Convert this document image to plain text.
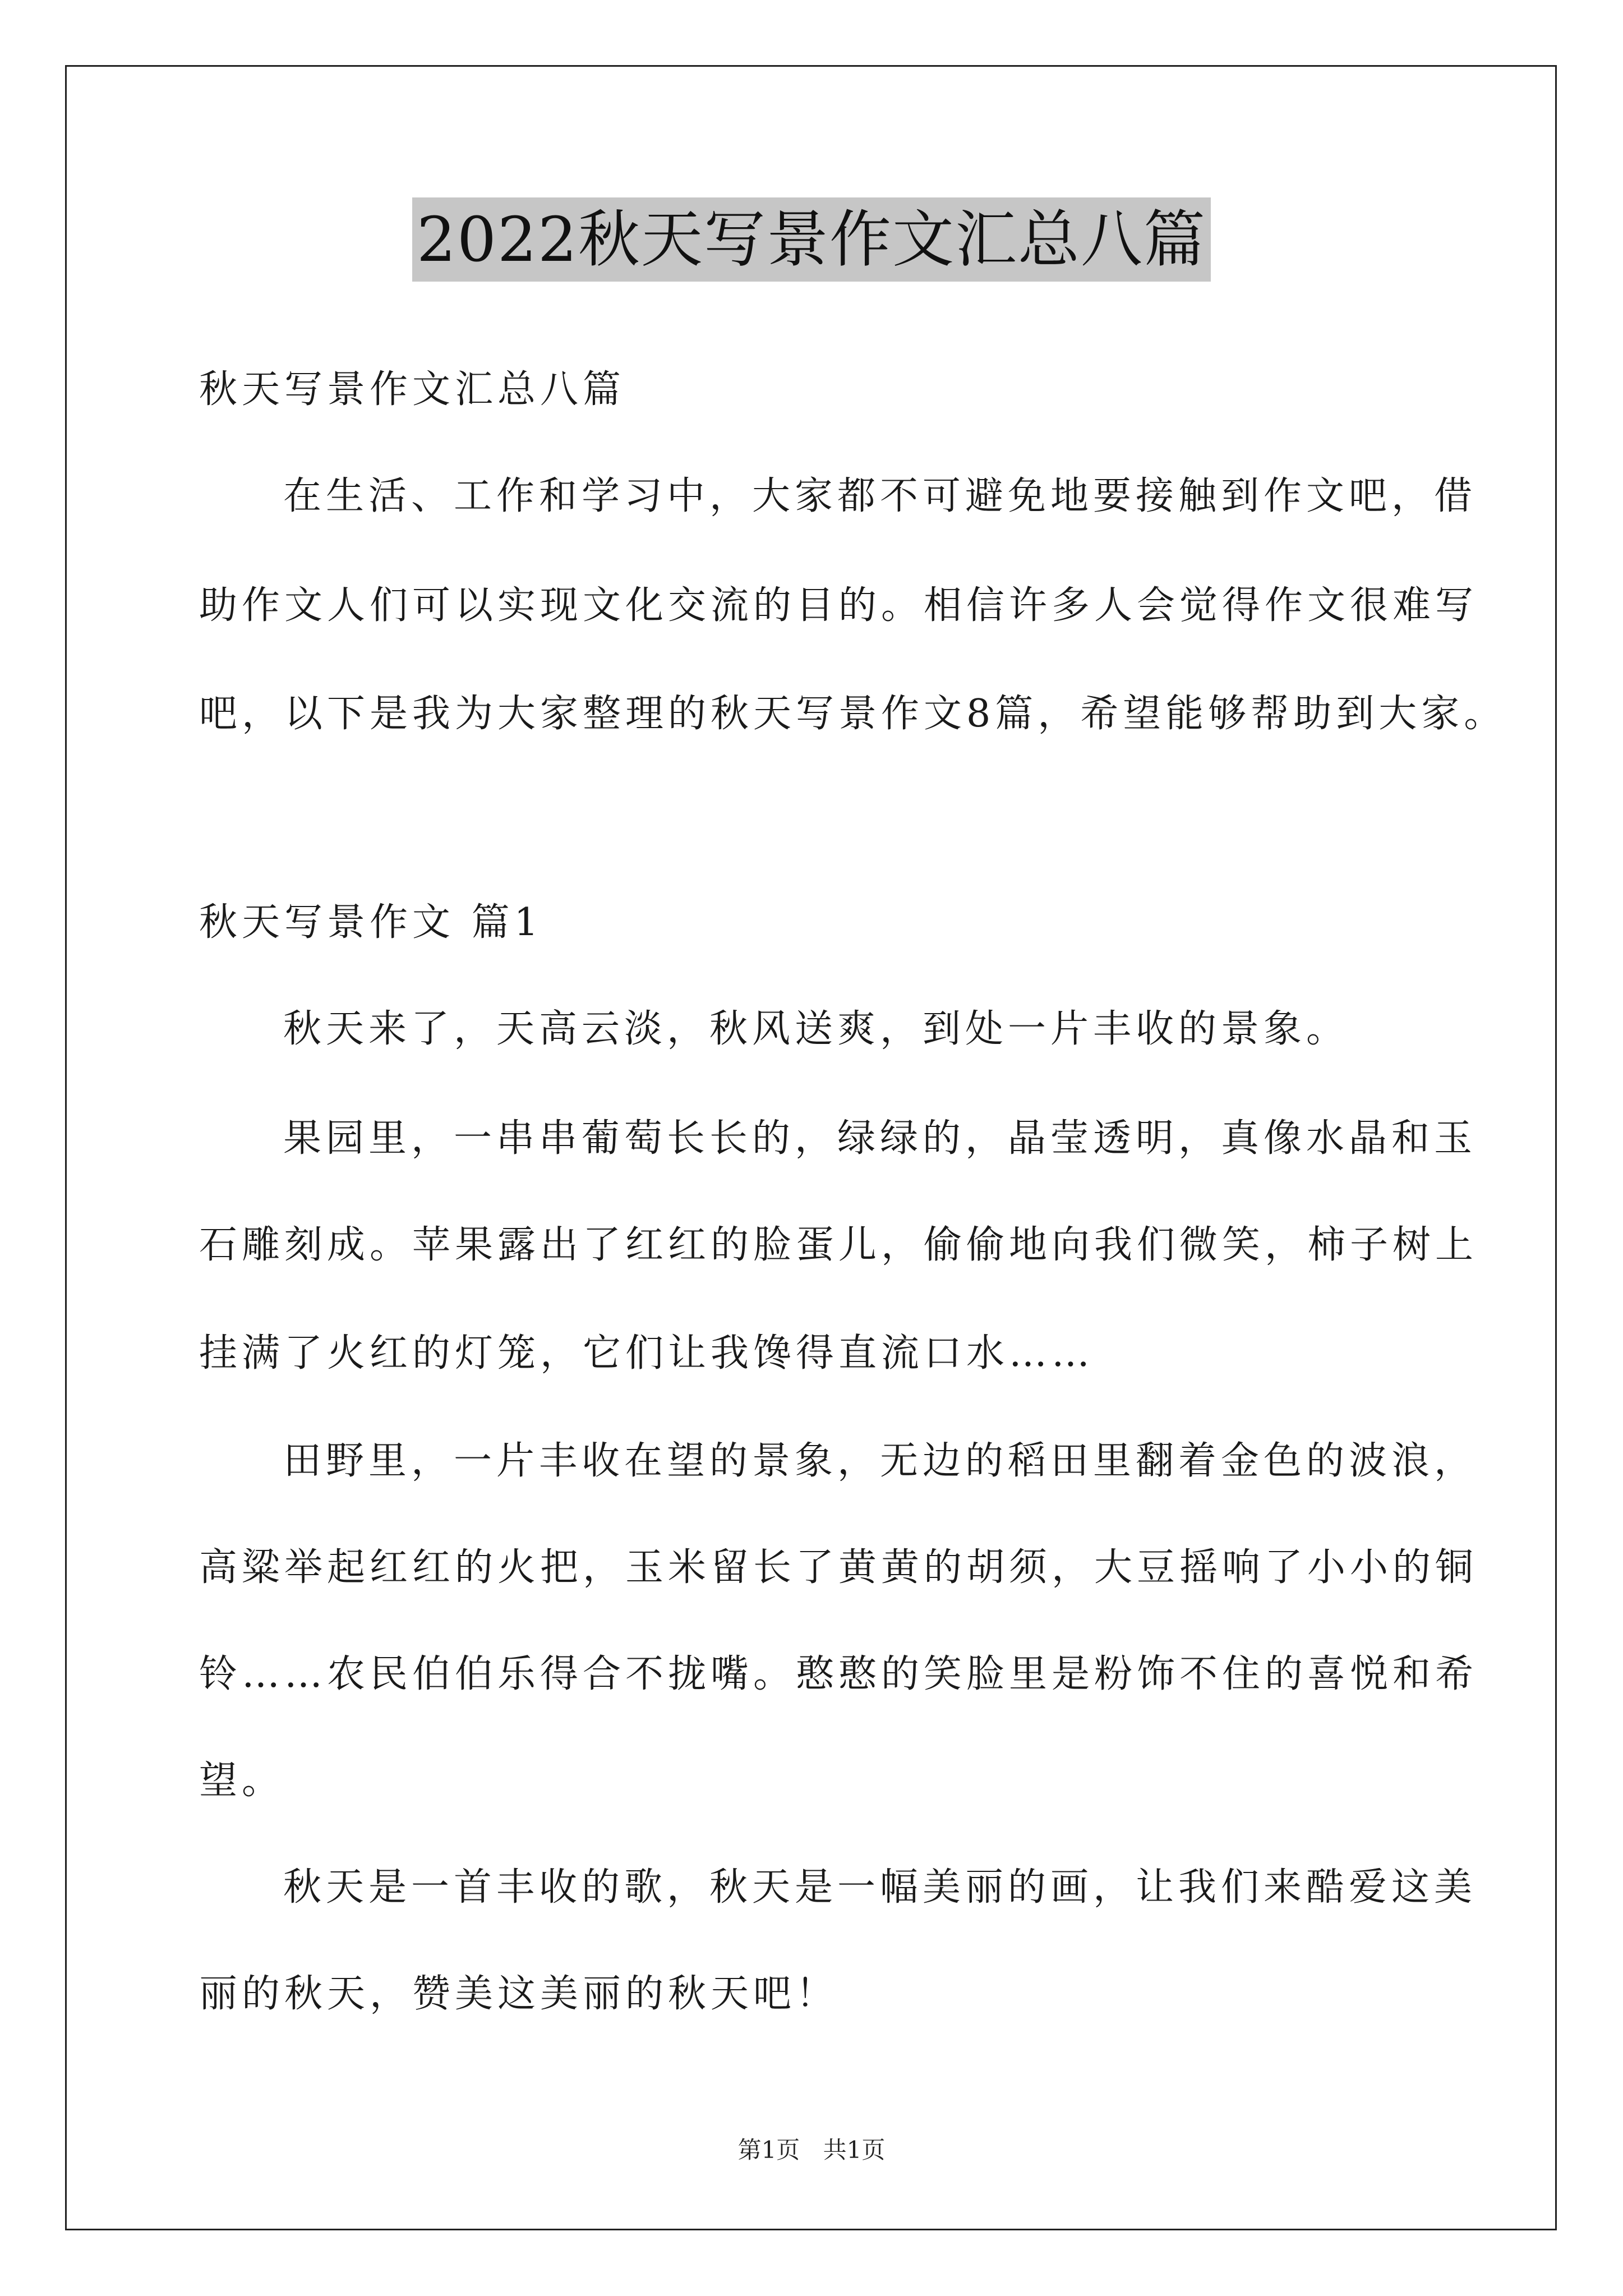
2022秋天写景作文汇总八篇

秋天写景作文汇总八篇

在生活、工作和学习中，大家都不可避免地要接触到作文吧，借

助作文人们可以实现文化交流的目的。相信许多人会觉得作文很难写

吧，以下是我为大家整理的秋天写景作文8篇，希望能够帮助到大家。

秋天写景作文 篇1

秋天来了，天高云淡，秋风送爽，到处一片丰收的景象。

果园里，一串串葡萄长长的，绿绿的，晶莹透明，真像水晶和玉

石雕刻成。苹果露出了红红的脸蛋儿，偷偷地向我们微笑，柿子树上

挂满了火红的灯笼，它们让我馋得直流口水……

田野里，一片丰收在望的景象，无边的稻田里翻着金色的波浪，

高粱举起红红的火把，玉米留长了黄黄的胡须，大豆摇响了小小的铜

铃……农民伯伯乐得合不拢嘴。憨憨的笑脸里是粉饰不住的喜悦和希

望。

秋天是一首丰收的歌，秋天是一幅美丽的画，让我们来酷爱这美

丽的秋天，赞美这美丽的秋天吧！

第1页 共1页
